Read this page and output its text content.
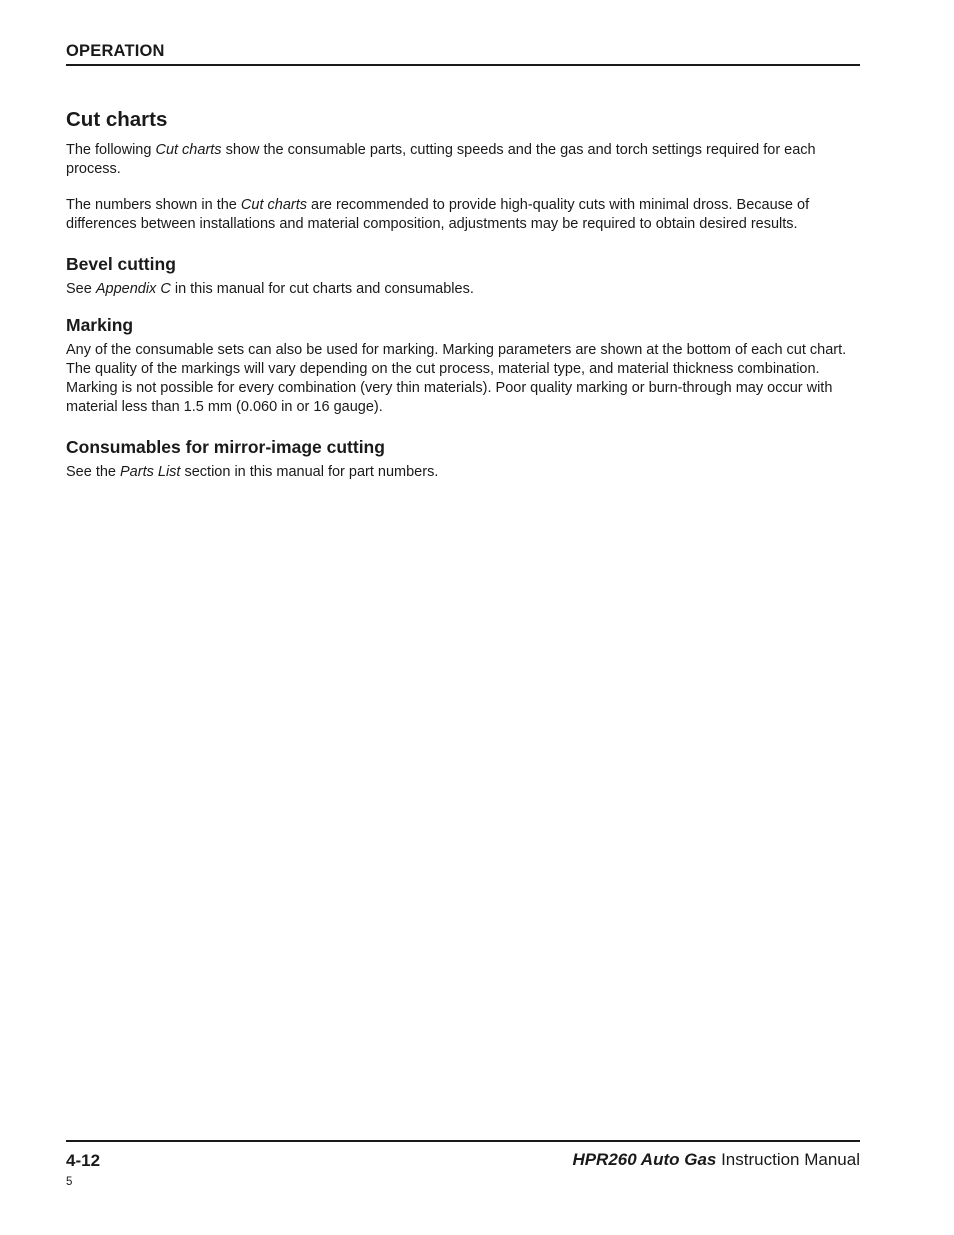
OPERATION
Cut charts

The following Cut charts show the consumable parts, cutting speeds and the gas and torch settings required for each process.

The numbers shown in the Cut charts are recommended to provide high-quality cuts with minimal dross. Because of differences between installations and material composition, adjustments may be required to obtain desired results.

Bevel cutting

See Appendix C in this manual for cut charts and consumables.

Marking

Any of the consumable sets can also be used for marking. Marking parameters are shown at the bottom of each cut chart. The quality of the markings will vary depending on the cut process, material type, and material thickness combination. Marking is not possible for every combination (very thin materials). Poor quality marking or burn-through may occur with material less than 1.5 mm (0.060 in or 16 gauge).

Consumables for mirror-image cutting

See the Parts List section in this manual for part numbers.

4-12	HPR260 Auto Gas Instruction Manual
5
